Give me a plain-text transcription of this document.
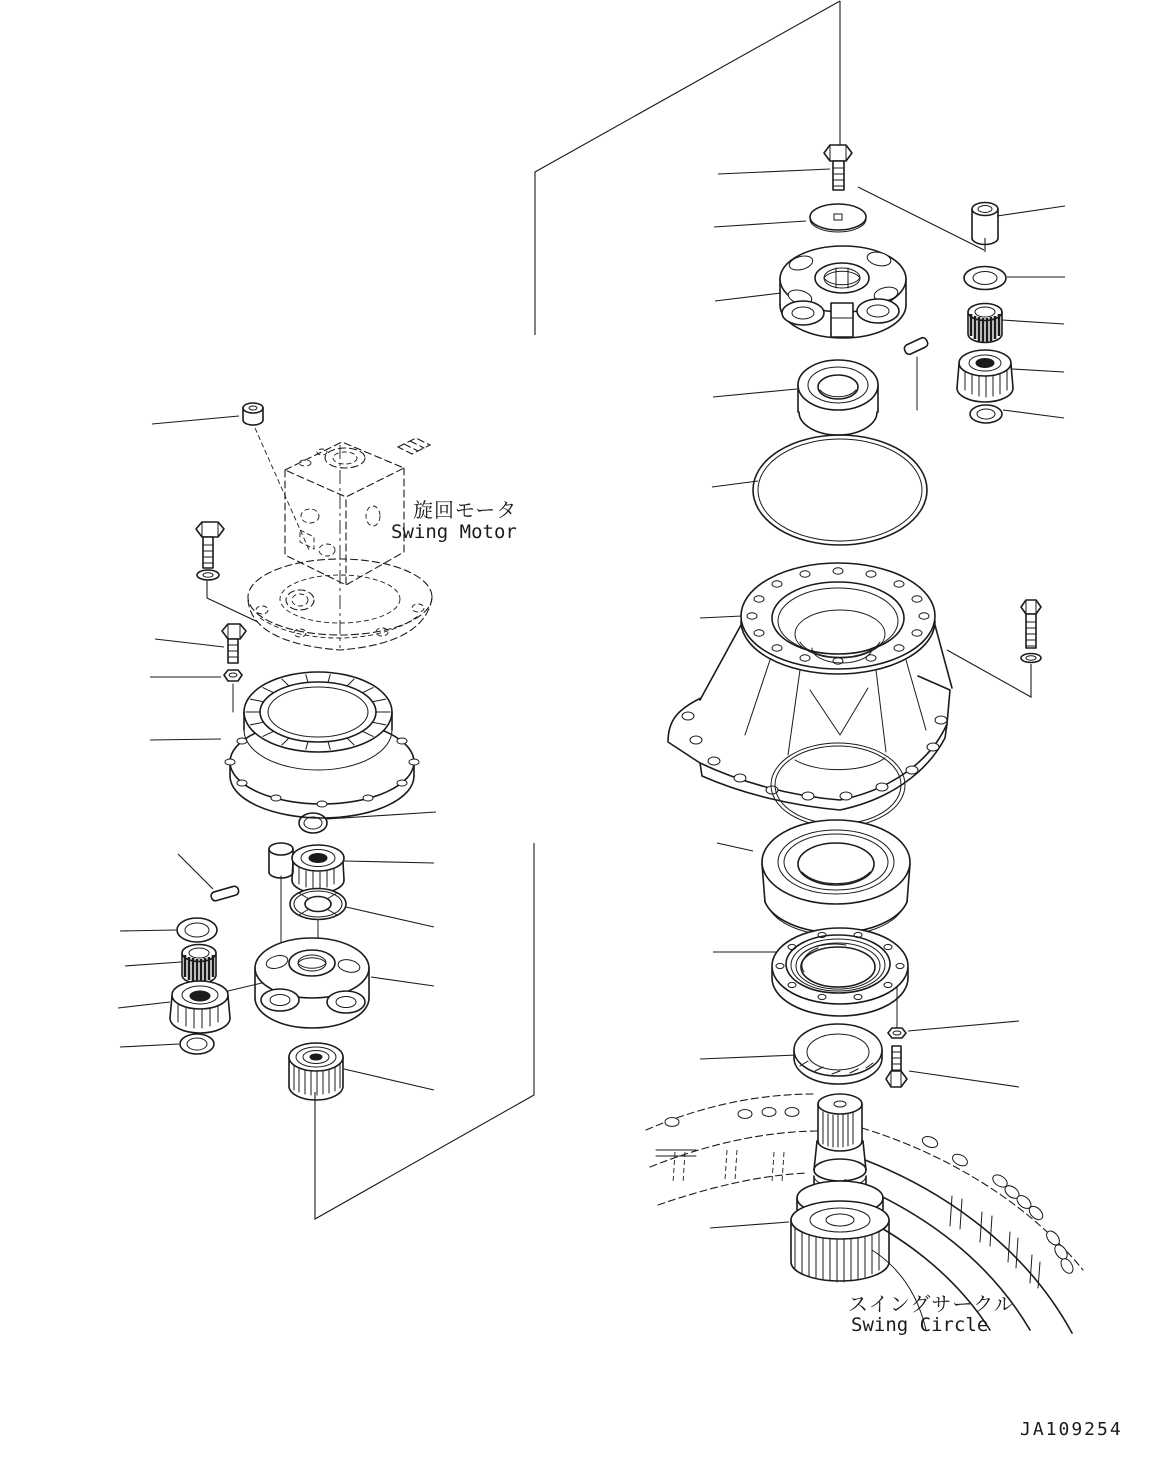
旋回モータ
Swing Motor
スイングサークル
Swing Circle
JA109254
